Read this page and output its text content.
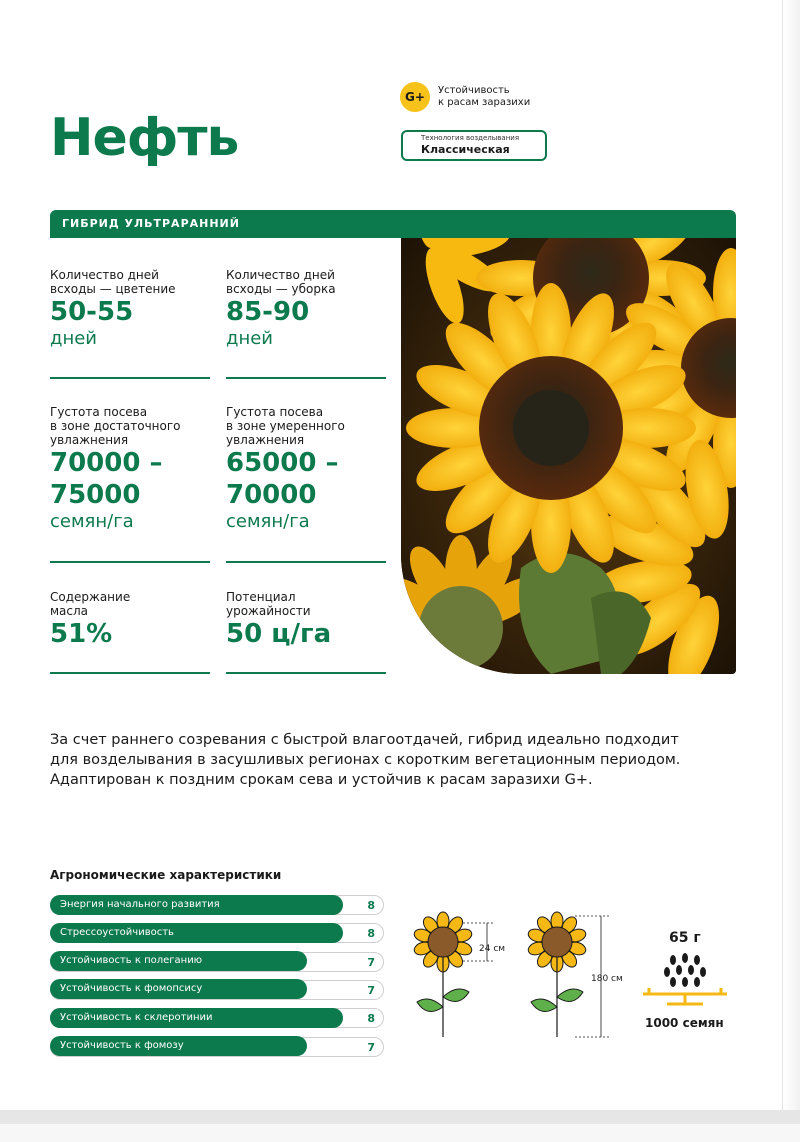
Нефть
G+	Устойчивость
к расам заразихи
Технология возделывания
Классическая
ГИБРИД УЛЬТРАРАННИЙ
Количество дней
всходы — цветение
50-55
дней
Количество дней
всходы — уборка
85-90
дней
Густота посева
в зоне достаточного
увлажнения
70000 –
75000
семян/га
Густота посева
в зоне умеренного
увлажнения
65000 –
70000
семян/га
Содержание
масла
51%
Потенциал
урожайности
50 ц/га
За счет раннего созревания с быстрой влагоотдачей, гибрид идеально подходит
для возделывания в засушливых регионах с коротким вегетационным периодом.
Адаптирован к поздним срокам сева и устойчив к расам заразихи G+.
Агрономические характеристики
Энергия начального развития	8
Стрессоустойчивость	8
Устойчивость к полеганию	7
Устойчивость к фомопсису	7
Устойчивость к склеротинии	8
Устойчивость к фомозу	7
24 см
180 см
65 г
1000 семян
